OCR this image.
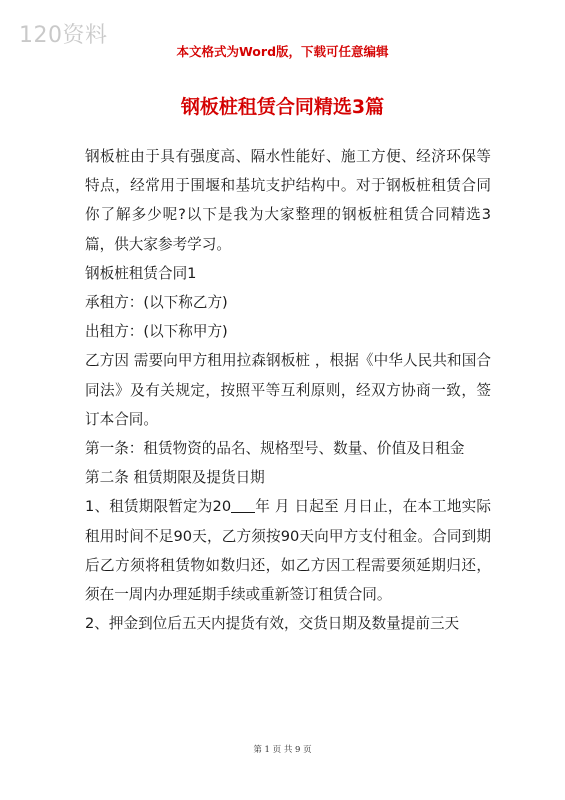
120资料
本文格式为Word版，下载可任意编辑
钢板桩租赁合同精选3篇

钢板桩由于具有强度高、隔水性能好、施工方便、经济环保等特点，经常用于围堰和基坑支护结构中。对于钢板桩租赁合同你了解多少呢?以下是我为大家整理的钢板桩租赁合同精选3篇，供大家参考学习。

钢板桩租赁合同1

承租方：(以下称乙方)

出租方：(以下称甲方)

乙方因 需要向甲方租用拉森钢板桩 ，根据《中华人民共和国合同法》及有关规定，按照平等互利原则，经双方协商一致，签订本合同。

第一条：租赁物资的品名、规格型号、数量、价值及日租金

第二条 租赁期限及提货日期

1、租赁期限暂定为20 年 月 日起至 月日止，在本工地实际租用时间不足90天，乙方须按90天向甲方支付租金。合同到期后乙方须将租赁物如数归还，如乙方因工程需要须延期归还，须在一周内办理延期手续或重新签订租赁合同。

2、押金到位后五天内提货有效，交货日期及数量提前三天

第 1 页 共 9 页
